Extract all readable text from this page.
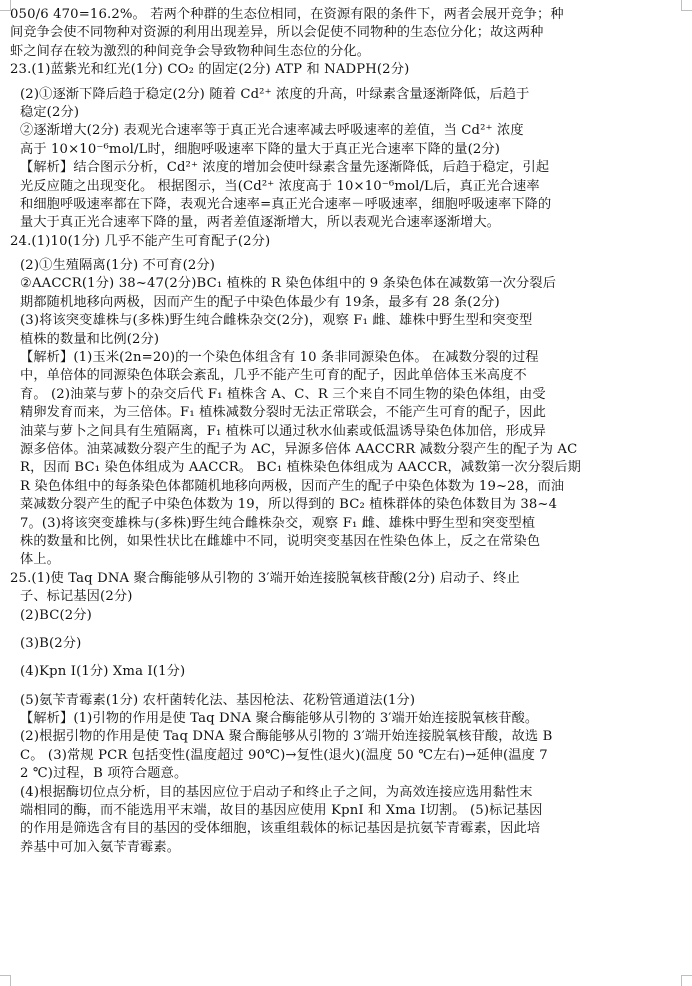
050/6 470=16.2%。 若两个种群的生态位相同，在资源有限的条件下，两者会展开竞争；种
间竞争会使不同物种对资源的利用出现差异，所以会促使不同物种的生态位分化；故这两种
虾之间存在较为激烈的种间竞争会导致物种间生态位的分化。
23.(1)蓝紫光和红光(1分) CO₂ 的固定(2分) ATP 和 NADPH(2分)
(2)①逐渐下降后趋于稳定(2分) 随着 Cd²⁺ 浓度的升高，叶绿素含量逐渐降低，后趋于
稳定(2分)
②逐渐增大(2分) 表观光合速率等于真正光合速率减去呼吸速率的差值，当 Cd²⁺ 浓度
高于 10×10⁻⁶mol/L时，细胞呼吸速率下降的量大于真正光合速率下降的量(2分)
【解析】结合图示分析，Cd²⁺ 浓度的增加会使叶绿素含量先逐渐降低，后趋于稳定，引起
光反应随之出现变化。 根据图示，当(Cd²⁺ 浓度高于 10×10⁻⁶mol/L后，真正光合速率
和细胞呼吸速率都在下降，表观光合速率=真正光合速率－呼吸速率，细胞呼吸速率下降的
量大于真正光合速率下降的量，两者差值逐渐增大，所以表观光合速率逐渐增大。
24.(1)10(1分) 几乎不能产生可育配子(2分)
(2)①生殖隔离(1分) 不可育(2分)
②AACCR(1分) 38~47(2分)BC₁ 植株的 R 染色体组中的 9 条染色体在减数第一次分裂后
期都随机地移向两极，因而产生的配子中染色体最少有 19条，最多有 28 条(2分)
(3)将该突变雄株与(多株)野生纯合雌株杂交(2分)，观察 F₁ 雌、雄株中野生型和突变型
植株的数量和比例(2分)
【解析】(1)玉米(2n=20)的一个染色体组含有 10 条非同源染色体。 在减数分裂的过程
中，单倍体的同源染色体联会紊乱，几乎不能产生可育的配子，因此单倍体玉米高度不
育。 (2)油菜与萝卜的杂交后代 F₁ 植株含 A、C、R 三个来自不同生物的染色体组，由受
精卵发育而来，为三倍体。F₁ 植株减数分裂时无法正常联会，不能产生可育的配子，因此
油菜与萝卜之间具有生殖隔离，F₁ 植株可以通过秋水仙素或低温诱导染色体加倍，形成异
源多倍体。油菜减数分裂产生的配子为 AC，异源多倍体 AACCRR 减数分裂产生的配子为 AC
R，因而 BC₁ 染色体组成为 AACCR。 BC₁ 植株染色体组成为 AACCR，减数第一次分裂后期
R 染色体组中的每条染色体都随机地移向两极，因而产生的配子中染色体数为 19~28，而油
菜减数分裂产生的配子中染色体数为 19，所以得到的 BC₂ 植株群体的染色体数目为 38~4
7。(3)将该突变雄株与(多株)野生纯合雌株杂交，观察 F₁ 雌、雄株中野生型和突变型植
株的数量和比例，如果性状比在雌雄中不同，说明突变基因在性染色体上，反之在常染色
体上。
25.(1)使 Taq DNA 聚合酶能够从引物的 3′端开始连接脱氧核苷酸(2分) 启动子、终止
子、标记基因(2分)
(2)BC(2分)
(3)B(2分)
(4)Kpn I(1分) Xma I(1分)
(5)氨苄青霉素(1分) 农杆菌转化法、基因枪法、花粉管通道法(1分)
【解析】(1)引物的作用是使 Taq DNA 聚合酶能够从引物的 3′端开始连接脱氧核苷酸。
(2)根据引物的作用是使 Taq DNA 聚合酶能够从引物的 3′端开始连接脱氧核苷酸，故选 B
C。 (3)常规 PCR 包括变性(温度超过 90℃)→复性(退火)(温度 50 ℃左右)→延伸(温度 7
2 ℃)过程，B 项符合题意。
(4)根据酶切位点分析，目的基因应位于启动子和终止子之间，为高效连接应选用黏性末
端相同的酶，而不能选用平末端，故目的基因应使用 KpnI 和 Xma I切割。 (5)标记基因
的作用是筛选含有目的基因的受体细胞，该重组载体的标记基因是抗氨苄青霉素，因此培
养基中可加入氨苄青霉素。
